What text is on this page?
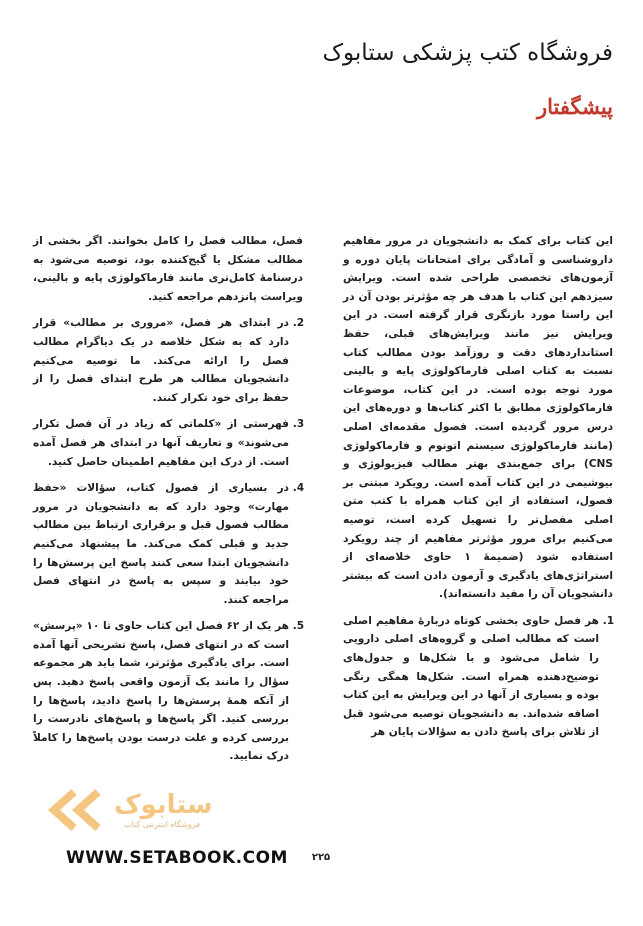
فروشگاه کتب پزشکی ستابوک
پیشگفتار

این کتاب برای کمک به دانشجویان در مرور مفاهیم داروشناسی و آمادگی برای امتحانات پایان دوره و آزمون‌های تخصصی طراحی شده است. ویرایش سیزدهم این کتاب با هدف هر چه مؤثرتر بودن آن در این راستا مورد بازنگری قرار گرفته است. در این ویرایش نیز مانند ویرایش‌های قبلی، حفظ استانداردهای دقت و روزآمد بودن مطالب کتاب نسبت به کتاب اصلی فارماکولوژی پایه و بالینی مورد توجه بوده است. در این کتاب، موضوعات فارماکولوژی مطابق با اکثر کتاب‌ها و دوره‌های این درس مرور گردیده است. فصول مقدمه‌ای اصلی (مانند فارماکولوژی سیستم اتونوم و فارماکولوژی CNS) برای جمع‌بندی بهتر مطالب فیزیولوژی و بیوشیمی در این کتاب آمده است. رویکرد مبتنی بر فصول، استفاده از این کتاب همراه با کتب متن اصلی مفصل‌تر را تسهیل کرده است، توصیه می‌کنیم برای مرور مؤثرتر مفاهیم از چند رویکرد استفاده شود (ضمیمهٔ ۱ حاوی خلاصه‌ای از استراتژی‌های یادگیری و آزمون دادن است که بیشتر دانشجویان آن را مفید دانسته‌اند).

1. هر فصل حاوی بخشی کوتاه دربارهٔ مفاهیم اصلی است که مطالب اصلی و گروه‌های اصلی دارویی را شامل می‌شود و با شکل‌ها و جدول‌های توضیح‌دهنده همراه است. شکل‌ها همگی رنگی بوده و بسیاری از آنها در این ویرایش به این کتاب اضافه شده‌اند. به دانشجویان توصیه می‌شود قبل از تلاش برای پاسخ دادن به سؤالات پایان هر

فصل، مطالب فصل را کامل بخوانند. اگر بخشی از مطالب مشکل یا گیج‌کننده بود، توصیه می‌شود به درسنامهٔ کامل‌تری مانند فارماکولوژی پایه و بالینی، ویراست پانزدهم مراجعه کنید.

2. در ابتدای هر فصل، «مروری بر مطالب» قرار دارد که به شکل خلاصه در یک دیاگرام مطالب فصل را ارائه می‌کند. ما توصیه می‌کنیم دانشجویان مطالب هر طرح ابتدای فصل را از حفظ برای خود تکرار کنند.
3. فهرستی از «کلماتی که زیاد در آن فصل تکرار می‌شوند» و تعاریف آنها در ابتدای هر فصل آمده است. از درک این مفاهیم اطمینان حاصل کنید.
4. در بسیاری از فصول کتاب، سؤالات «حفظ مهارت» وجود دارد که به دانشجویان در مرور مطالب فصول قبل و برقراری ارتباط بین مطالب جدید و قبلی کمک می‌کند. ما پیشنهاد می‌کنیم دانشجویان ابتدا سعی کنند پاسخ این پرسش‌ها را خود بیابند و سپس به پاسخ در انتهای فصل مراجعه کنند.
5. هر یک از ۶۲ فصل این کتاب حاوی تا ۱۰ «پرسش» است که در انتهای فصل، پاسخ تشریحی آنها آمده است. برای یادگیری مؤثرتر، شما باید هر مجموعه سؤال را مانند یک آزمون واقعی پاسخ دهید. پس از آنکه همهٔ پرسش‌ها را پاسخ دادید، پاسخ‌ها را بررسی کنید. اگر پاسخ‌ها و پاسخ‌های نادرست را بررسی کرده و علت درست بودن پاسخ‌ها را کاملاً درک نمایید.
ستابوک
فروشگاه اینترنتی کتاب
۲۲۵
WWW.SETABOOK.COM
